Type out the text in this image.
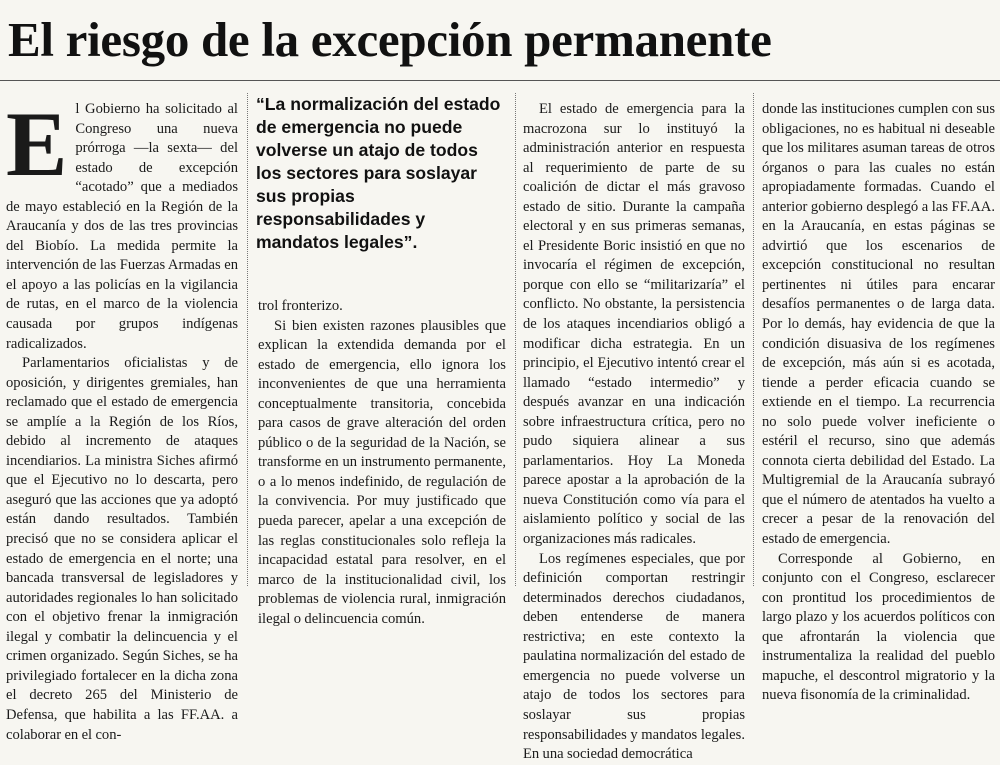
El riesgo de la excepción permanente
E l Gobierno ha solicitado al Congreso una nueva prórroga —la sexta— del estado de excepción “acotado” que a mediados de mayo estableció en la Región de la Araucanía y dos de las tres provincias del Biobío. La medida permite la intervención de las Fuerzas Armadas en el apoyo a las policías en la vigilancia de rutas, en el marco de la violencia causada por grupos indígenas radicalizados.

Parlamentarios oficialistas y de oposición, y dirigentes gremiales, han reclamado que el estado de emergencia se amplíe a la Región de los Ríos, debido al incremento de ataques incendiarios. La ministra Siches afirmó que el Ejecutivo no lo descarta, pero aseguró que las acciones que ya adoptó están dando resultados. También precisó que no se considera aplicar el estado de emergencia en el norte; una bancada transversal de legisladores y autoridades regionales lo han solicitado con el objetivo frenar la inmigración ilegal y combatir la delincuencia y el crimen organizado. Según Siches, se ha privilegiado fortalecer en la dicha zona el decreto 265 del Ministerio de Defensa, que habilita a las FF.AA. a colaborar en el con-

“La normalización del estado de emergencia no puede volverse un atajo de todos los sectores para soslayar sus propias responsabilidades y mandatos legales”.

trol fronterizo.

Si bien existen razones plausibles que explican la extendida demanda por el estado de emergencia, ello ignora los inconvenientes de que una herramienta conceptualmente transitoria, concebida para casos de grave alteración del orden público o de la seguridad de la Nación, se transforme en un instrumento permanente, o a lo menos indefinido, de regulación de la convivencia. Por muy justificado que pueda parecer, apelar a una excepción de las reglas constitucionales solo refleja la incapacidad estatal para resolver, en el marco de la institucionalidad civil, los problemas de violencia rural, inmigración ilegal o delincuencia común.

El estado de emergencia para la macrozona sur lo instituyó la administración anterior en respuesta al requerimiento de parte de su coalición de dictar el más gravoso estado de sitio. Durante la campaña electoral y en sus primeras semanas, el Presidente Boric insistió en que no invocaría el régimen de excepción, porque con ello se “militarizaría” el conflicto. No obstante, la persistencia de los ataques incendiarios obligó a modificar dicha estrategia. En un principio, el Ejecutivo intentó crear el llamado “estado intermedio” y después avanzar en una indicación sobre infraestructura crítica, pero no pudo siquiera alinear a sus parlamentarios. Hoy La Moneda parece apostar a la aprobación de la nueva Constitución como vía para el aislamiento político y social de las organizaciones más radicales.

Los regímenes especiales, que por definición comportan restringir determinados derechos ciudadanos, deben entenderse de manera restrictiva; en este contexto la paulatina normalización del estado de emergencia no puede volverse un atajo de todos los sectores para soslayar sus propias responsabilidades y mandatos legales. En una sociedad democrática

donde las instituciones cumplen con sus obligaciones, no es habitual ni deseable que los militares asuman tareas de otros órganos o para las cuales no están apropiadamente formadas. Cuando el anterior gobierno desplegó a las FF.AA. en la Araucanía, en estas páginas se advirtió que los escenarios de excepción constitucional no resultan pertinentes ni útiles para encarar desafíos permanentes o de larga data. Por lo demás, hay evidencia de que la condición disuasiva de los regímenes de excepción, más aún si es acotada, tiende a perder eficacia cuando se extiende en el tiempo. La recurrencia no solo puede volver ineficiente o estéril el recurso, sino que además connota cierta debilidad del Estado. La Multigremial de la Araucanía subrayó que el número de atentados ha vuelto a crecer a pesar de la renovación del estado de emergencia.

Corresponde al Gobierno, en conjunto con el Congreso, esclarecer con prontitud los procedimientos de largo plazo y los acuerdos políticos con que afrontarán la violencia que instrumentaliza la realidad del pueblo mapuche, el descontrol migratorio y la nueva fisonomía de la criminalidad.
